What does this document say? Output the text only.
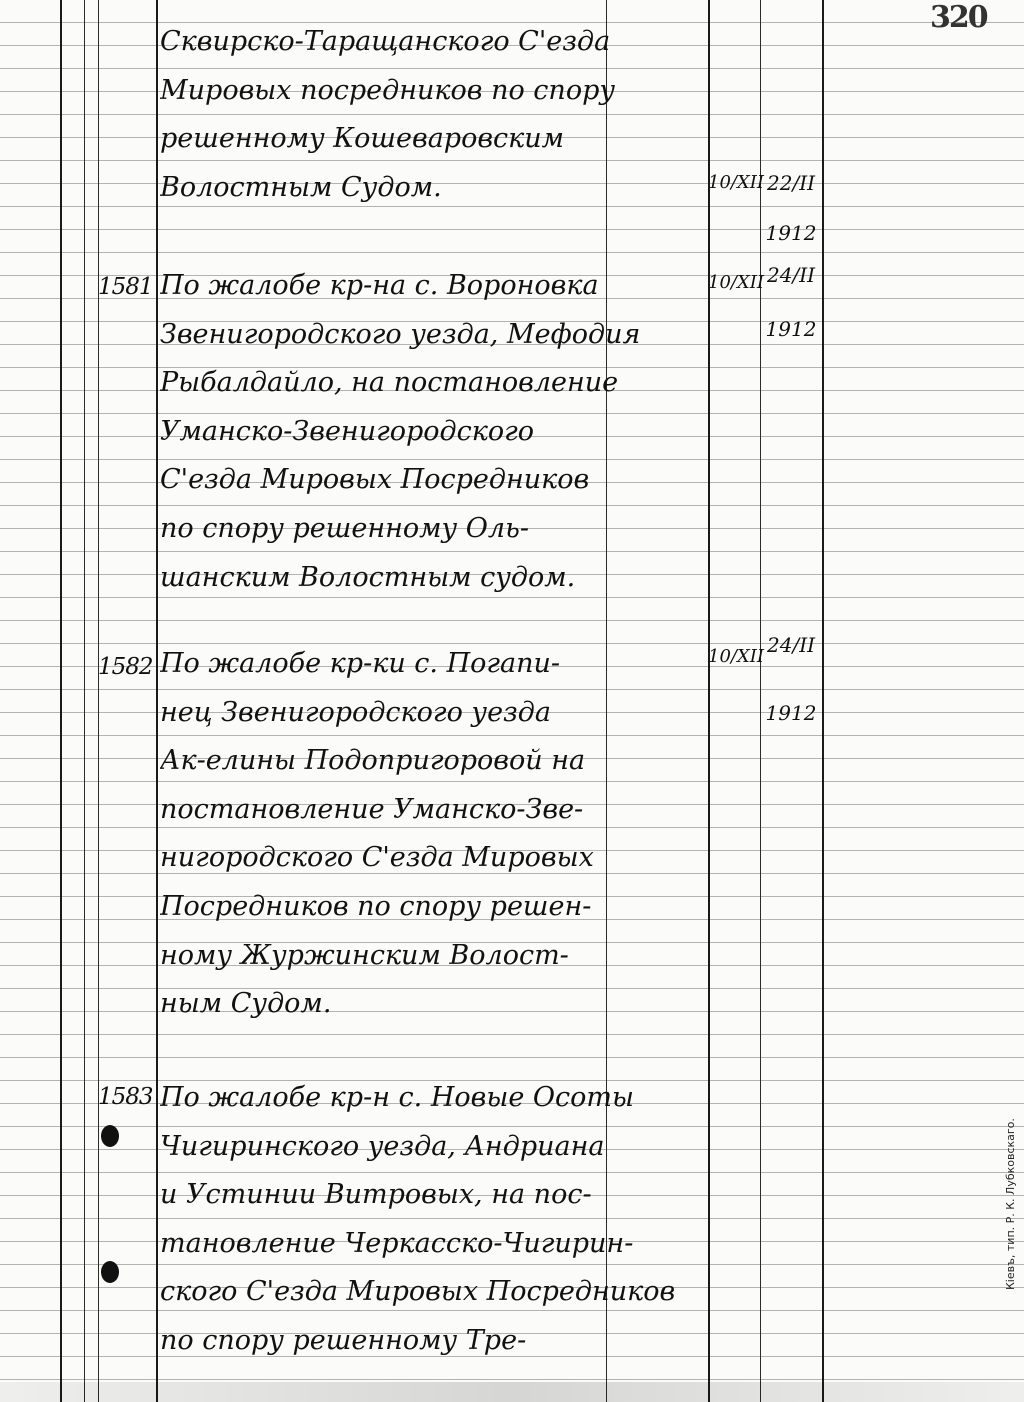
320
Сквирско-Таращанского С'езда
Мировых посредников по спору
решенному Кошеваровским
Волостным Судом.	10/XII 22/II
1912
1581 По жалобе кр-на с. Вороновка
Звенигородского уезда, Мефодия
Рыбалдайло, на постановление
Уманско-Звенигородского
С'езда Мировых Посредников
по спору решенному Оль-
шанским Волостным судом.
10/XII 24/II
1912
1582 По жалобе кр-ки с. Погапи-
нец Звенигородского уезда
Ак-елины Подопригоровой на
постановление Уманско-Зве-
нигородского С'езда Мировых
Посредников по спору решен-
ному Журжинским Волост-
ным Судом.
10/XII 24/II
1912
1583 По жалобе кр-н с. Новые Осоты
Чигиринского уезда, Андриана
и Устинии Витровых, на пос-
тановление Черкасско-Чигирин-
ского С'езда Мировых Посредников
по спору решенному Тре-
Кіевъ, тип. Р. К. Лубковскаго.
